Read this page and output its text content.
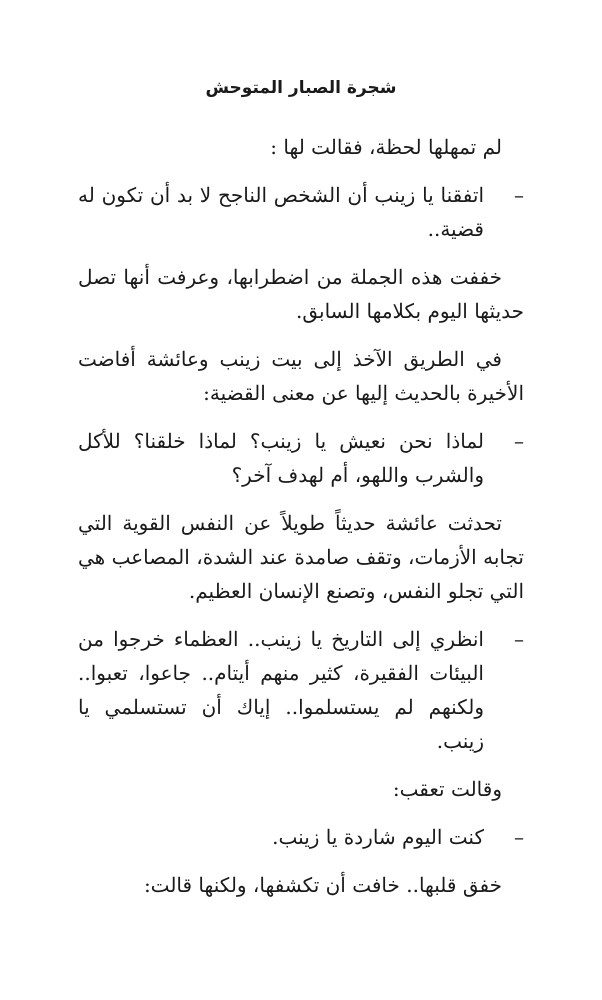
شجرة الصبار المتوحش

لم تمهلها لحظة، فقالت لها :

–
اتفقنا يا زينب أن الشخص الناجح لا بد أن تكون له قضية..

خففت هذه الجملة من اضطرابها، وعرفت أنها تصل حديثها اليوم بكلامها السابق.

في الطريق الآخذ إلى بيت زينب وعائشة أفاضت الأخيرة بالحديث إليها عن معنى القضية:

–
لماذا نحن نعيش يا زينب؟ لماذا خلقنا؟ للأكل والشرب واللهو، أم لهدف آخر؟

تحدثت عائشة حديثاً طويلاً عن النفس القوية التي تجابه الأزمات، وتقف صامدة عند الشدة، المصاعب هي التي تجلو النفس، وتصنع الإنسان العظيم.

–
انظري إلى التاريخ يا زينب.. العظماء خرجوا من البيئات الفقيرة، كثير منهم أيتام.. جاعوا، تعبوا.. ولكنهم لم يستسلموا.. إياك أن تستسلمي يا زينب.

وقالت تعقب:

–
كنت اليوم شاردة يا زينب.

خفق قلبها.. خافت أن تكشفها، ولكنها قالت:
